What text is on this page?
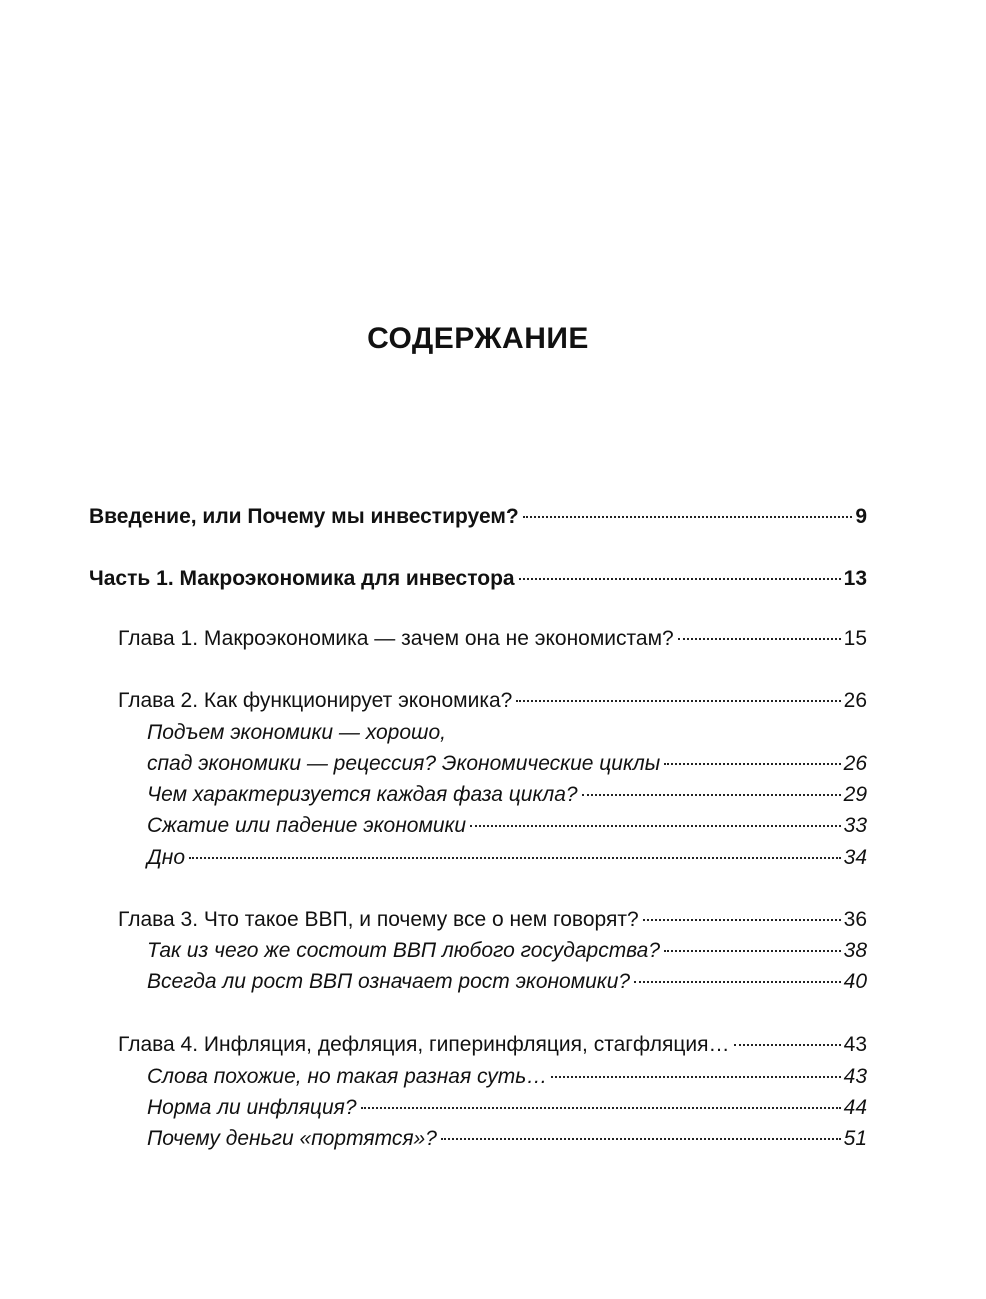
СОДЕРЖАНИЕ
Введение, или Почему мы инвестируем?	9
Часть 1. Макроэкономика для инвестора	13
Глава 1. Макроэкономика — зачем она не экономистам?	15
Глава 2. Как функционирует экономика?	26
Подъем экономики — хорошо,
спад экономики — рецессия? Экономические циклы	26
Чем характеризуется каждая фаза цикла?	29
Сжатие или падение экономики	33
Дно	34
Глава 3. Что такое ВВП, и почему все о нем говорят?	36
Так из чего же состоит ВВП любого государства?	38
Всегда ли рост ВВП означает рост экономики?	40
Глава 4. Инфляция, дефляция, гиперинфляция, стагфляция…	43
Слова похожие, но такая разная суть…	43
Норма ли инфляция?	44
Почему деньги «портятся»?	51
